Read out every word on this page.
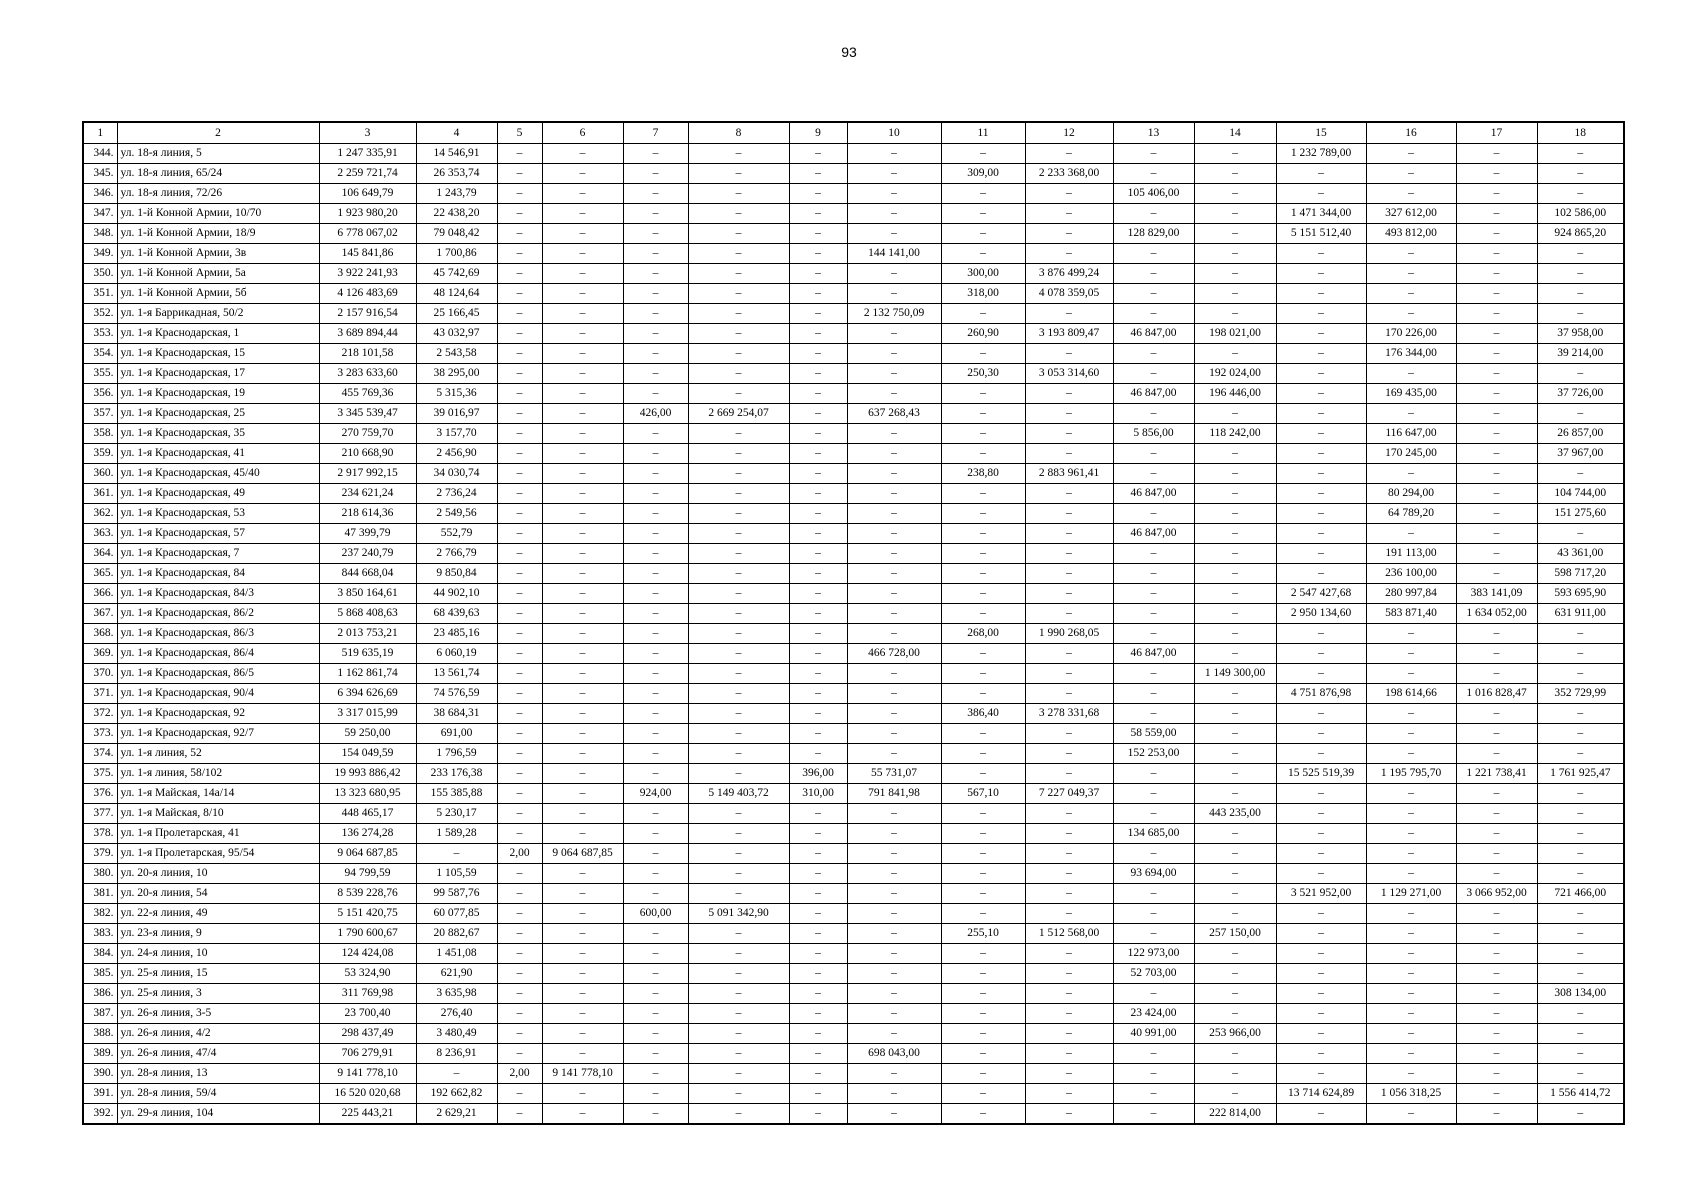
93
1	2	3	4	5	6	7	8	9	10	11	12	13	14	15	16	17	18
344.	ул. 18-я линия, 5	1 247 335,91	14 546,91	–	–	–	–	–	–	–	–	–	–	1 232 789,00	–	–	–
345.	ул. 18-я линия, 65/24	2 259 721,74	26 353,74	–	–	–	–	–	–	309,00	2 233 368,00	–	–	–	–	–	–
346.	ул. 18-я линия, 72/26	106 649,79	1 243,79	–	–	–	–	–	–	–	–	105 406,00	–	–	–	–	–
347.	ул. 1-й Конной Армии, 10/70	1 923 980,20	22 438,20	–	–	–	–	–	–	–	–	–	–	1 471 344,00	327 612,00	–	102 586,00
348.	ул. 1-й Конной Армии, 18/9	6 778 067,02	79 048,42	–	–	–	–	–	–	–	–	128 829,00	–	5 151 512,40	493 812,00	–	924 865,20
349.	ул. 1-й Конной Армии, 3в	145 841,86	1 700,86	–	–	–	–	–	144 141,00	–	–	–	–	–	–	–	–
350.	ул. 1-й Конной Армии, 5а	3 922 241,93	45 742,69	–	–	–	–	–	–	300,00	3 876 499,24	–	–	–	–	–	–
351.	ул. 1-й Конной Армии, 5б	4 126 483,69	48 124,64	–	–	–	–	–	–	318,00	4 078 359,05	–	–	–	–	–	–
352.	ул. 1-я Баррикадная, 50/2	2 157 916,54	25 166,45	–	–	–	–	–	2 132 750,09	–	–	–	–	–	–	–	–
353.	ул. 1-я Краснодарская, 1	3 689 894,44	43 032,97	–	–	–	–	–	–	260,90	3 193 809,47	46 847,00	198 021,00	–	170 226,00	–	37 958,00
354.	ул. 1-я Краснодарская, 15	218 101,58	2 543,58	–	–	–	–	–	–	–	–	–	–	–	176 344,00	–	39 214,00
355.	ул. 1-я Краснодарская, 17	3 283 633,60	38 295,00	–	–	–	–	–	–	250,30	3 053 314,60	–	192 024,00	–	–	–	–
356.	ул. 1-я Краснодарская, 19	455 769,36	5 315,36	–	–	–	–	–	–	–	–	46 847,00	196 446,00	–	169 435,00	–	37 726,00
357.	ул. 1-я Краснодарская, 25	3 345 539,47	39 016,97	–	–	426,00	2 669 254,07	–	637 268,43	–	–	–	–	–	–	–	–
358.	ул. 1-я Краснодарская, 35	270 759,70	3 157,70	–	–	–	–	–	–	–	–	5 856,00	118 242,00	–	116 647,00	–	26 857,00
359.	ул. 1-я Краснодарская, 41	210 668,90	2 456,90	–	–	–	–	–	–	–	–	–	–	–	170 245,00	–	37 967,00
360.	ул. 1-я Краснодарская, 45/40	2 917 992,15	34 030,74	–	–	–	–	–	–	238,80	2 883 961,41	–	–	–	–	–	–
361.	ул. 1-я Краснодарская, 49	234 621,24	2 736,24	–	–	–	–	–	–	–	–	46 847,00	–	–	80 294,00	–	104 744,00
362.	ул. 1-я Краснодарская, 53	218 614,36	2 549,56	–	–	–	–	–	–	–	–	–	–	–	64 789,20	–	151 275,60
363.	ул. 1-я Краснодарская, 57	47 399,79	552,79	–	–	–	–	–	–	–	–	46 847,00	–	–	–	–	–
364.	ул. 1-я Краснодарская, 7	237 240,79	2 766,79	–	–	–	–	–	–	–	–	–	–	–	191 113,00	–	43 361,00
365.	ул. 1-я Краснодарская, 84	844 668,04	9 850,84	–	–	–	–	–	–	–	–	–	–	–	236 100,00	–	598 717,20
366.	ул. 1-я Краснодарская, 84/3	3 850 164,61	44 902,10	–	–	–	–	–	–	–	–	–	–	2 547 427,68	280 997,84	383 141,09	593 695,90
367.	ул. 1-я Краснодарская, 86/2	5 868 408,63	68 439,63	–	–	–	–	–	–	–	–	–	–	2 950 134,60	583 871,40	1 634 052,00	631 911,00
368.	ул. 1-я Краснодарская, 86/3	2 013 753,21	23 485,16	–	–	–	–	–	–	268,00	1 990 268,05	–	–	–	–	–	–
369.	ул. 1-я Краснодарская, 86/4	519 635,19	6 060,19	–	–	–	–	–	466 728,00	–	–	46 847,00	–	–	–	–	–
370.	ул. 1-я Краснодарская, 86/5	1 162 861,74	13 561,74	–	–	–	–	–	–	–	–	–	1 149 300,00	–	–	–	–
371.	ул. 1-я Краснодарская, 90/4	6 394 626,69	74 576,59	–	–	–	–	–	–	–	–	–	–	4 751 876,98	198 614,66	1 016 828,47	352 729,99
372.	ул. 1-я Краснодарская, 92	3 317 015,99	38 684,31	–	–	–	–	–	–	386,40	3 278 331,68	–	–	–	–	–	–
373.	ул. 1-я Краснодарская, 92/7	59 250,00	691,00	–	–	–	–	–	–	–	–	58 559,00	–	–	–	–	–
374.	ул. 1-я линия, 52	154 049,59	1 796,59	–	–	–	–	–	–	–	–	152 253,00	–	–	–	–	–
375.	ул. 1-я линия, 58/102	19 993 886,42	233 176,38	–	–	–	–	396,00	55 731,07	–	–	–	–	15 525 519,39	1 195 795,70	1 221 738,41	1 761 925,47
376.	ул. 1-я Майская, 14а/14	13 323 680,95	155 385,88	–	–	924,00	5 149 403,72	310,00	791 841,98	567,10	7 227 049,37	–	–	–	–	–	–
377.	ул. 1-я Майская, 8/10	448 465,17	5 230,17	–	–	–	–	–	–	–	–	–	443 235,00	–	–	–	–
378.	ул. 1-я Пролетарская, 41	136 274,28	1 589,28	–	–	–	–	–	–	–	–	134 685,00	–	–	–	–	–
379.	ул. 1-я Пролетарская, 95/54	9 064 687,85	–	2,00	9 064 687,85	–	–	–	–	–	–	–	–	–	–	–	–
380.	ул. 20-я линия, 10	94 799,59	1 105,59	–	–	–	–	–	–	–	–	93 694,00	–	–	–	–	–
381.	ул. 20-я линия, 54	8 539 228,76	99 587,76	–	–	–	–	–	–	–	–	–	–	3 521 952,00	1 129 271,00	3 066 952,00	721 466,00
382.	ул. 22-я линия, 49	5 151 420,75	60 077,85	–	–	600,00	5 091 342,90	–	–	–	–	–	–	–	–	–	–
383.	ул. 23-я линия, 9	1 790 600,67	20 882,67	–	–	–	–	–	–	255,10	1 512 568,00	–	257 150,00	–	–	–	–
384.	ул. 24-я линия, 10	124 424,08	1 451,08	–	–	–	–	–	–	–	–	122 973,00	–	–	–	–	–
385.	ул. 25-я линия, 15	53 324,90	621,90	–	–	–	–	–	–	–	–	52 703,00	–	–	–	–	–
386.	ул. 25-я линия, 3	311 769,98	3 635,98	–	–	–	–	–	–	–	–	–	–	–	–	–	308 134,00
387.	ул. 26-я линия, 3-5	23 700,40	276,40	–	–	–	–	–	–	–	–	23 424,00	–	–	–	–	–
388.	ул. 26-я линия, 4/2	298 437,49	3 480,49	–	–	–	–	–	–	–	–	40 991,00	253 966,00	–	–	–	–
389.	ул. 26-я линия, 47/4	706 279,91	8 236,91	–	–	–	–	–	698 043,00	–	–	–	–	–	–	–	–
390.	ул. 28-я линия, 13	9 141 778,10	–	2,00	9 141 778,10	–	–	–	–	–	–	–	–	–	–	–	–
391.	ул. 28-я линия, 59/4	16 520 020,68	192 662,82	–	–	–	–	–	–	–	–	–	–	13 714 624,89	1 056 318,25	–	1 556 414,72
392.	ул. 29-я линия, 104	225 443,21	2 629,21	–	–	–	–	–	–	–	–	–	222 814,00	–	–	–	–
